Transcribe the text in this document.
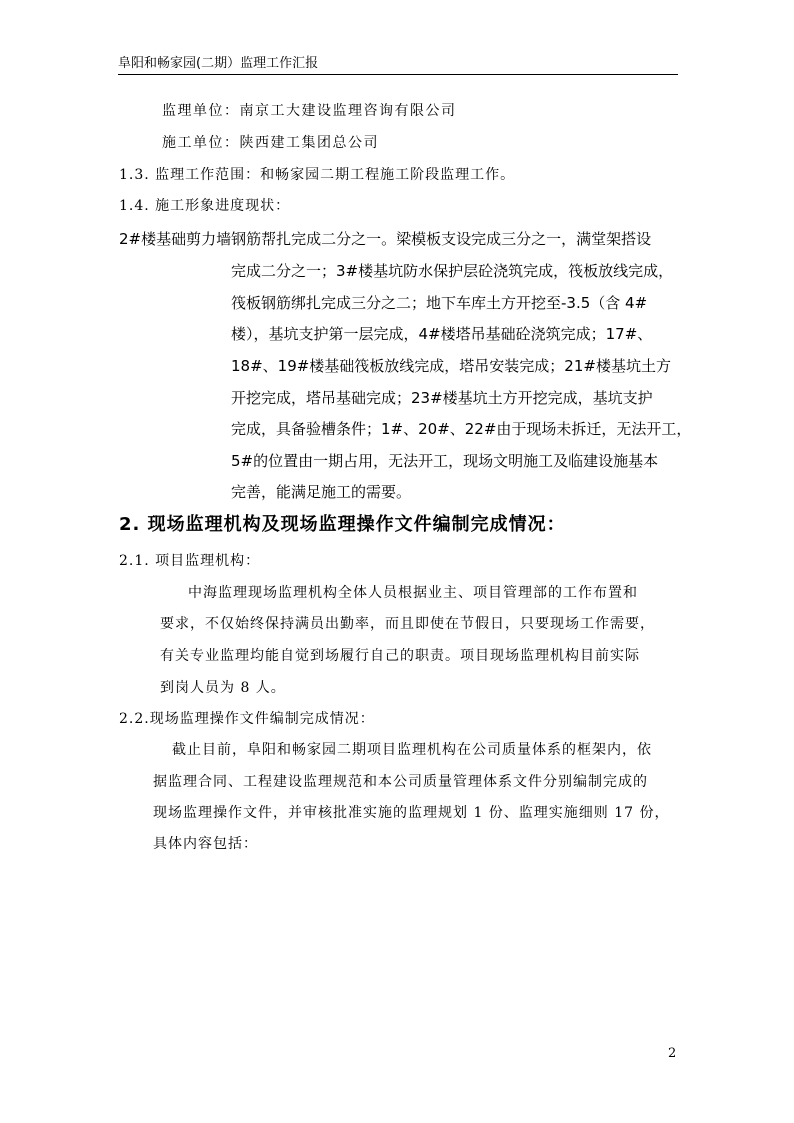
阜阳和畅家园(二期）监理工作汇报
监理单位：南京工大建设监理咨询有限公司
施工单位：陕西建工集团总公司
1.3. 监理工作范围：和畅家园二期工程施工阶段监理工作。
1.4. 施工形象进度现状：
2#楼基础剪力墙钢筋帮扎完成二分之一。梁模板支设完成三分之一，满堂架搭设
完成二分之一；3#楼基坑防水保护层砼浇筑完成，筏板放线完成，
筏板钢筋绑扎完成三分之二；地下车库土方开挖至-3.5（含 4#
楼），基坑支护第一层完成，4#楼塔吊基础砼浇筑完成；17#、
18#、19#楼基础筏板放线完成，塔吊安装完成；21#楼基坑土方
开挖完成，塔吊基础完成；23#楼基坑土方开挖完成，基坑支护
完成，具备验槽条件；1#、20#、22#由于现场未拆迁，无法开工，
5#的位置由一期占用，无法开工，现场文明施工及临建设施基本
完善，能满足施工的需要。
2. 现场监理机构及现场监理操作文件编制完成情况：
2.1. 项目监理机构：
中海监理现场监理机构全体人员根据业主、项目管理部的工作布置和
要求，不仅始终保持满员出勤率，而且即使在节假日，只要现场工作需要，
有关专业监理均能自觉到场履行自己的职责。项目现场监理机构目前实际
到岗人员为 8 人。
2.2.现场监理操作文件编制完成情况：
截止目前，阜阳和畅家园二期项目监理机构在公司质量体系的框架内，依
据监理合同、工程建设监理规范和本公司质量管理体系文件分别编制完成的
现场监理操作文件，并审核批准实施的监理规划 1 份、监理实施细则 17 份，
具体内容包括：
2
